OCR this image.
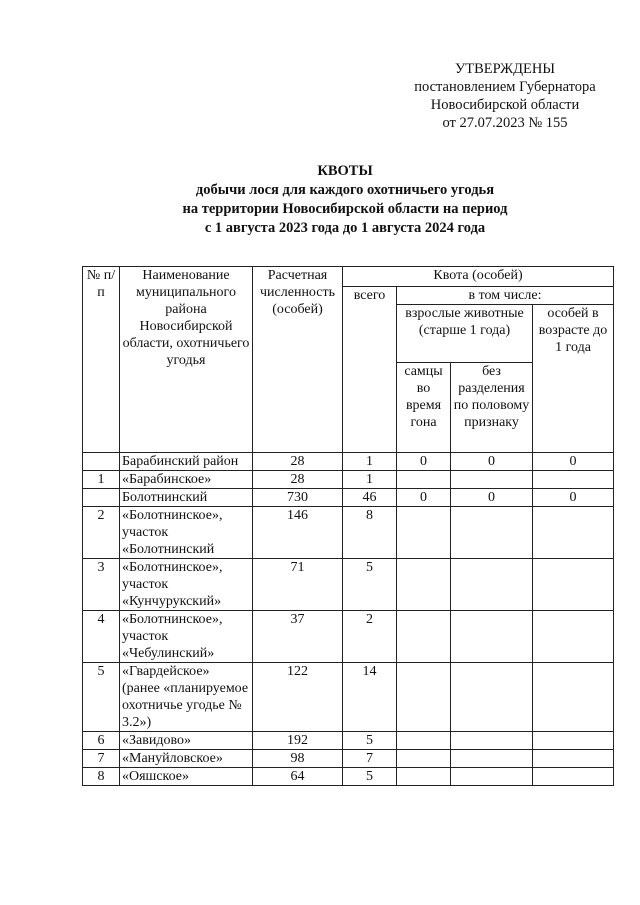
УТВЕРЖДЕНЫ
постановлением Губернатора
Новосибирской области
от 27.07.2023 № 155
КВОТЫ
добычи лося для каждого охотничьего угодья
на территории Новосибирской области на период
с 1 августа 2023 года до 1 августа 2024 года
№ п/п	Наименование муниципального района Новосибирской области, охотничьего угодья	Расчетная численность (особей)	Квота (особей)			
			всего	в том числе:		
				взрослые животные (старше 1 года)		особей в возрасте до 1 года
				самцы во время гона	без разделения по половому признаку	
	Барабинский район	28	1	0	0	0
1	«Барабинское»	28	1			
	Болотнинский	730	46	0	0	0
2	«Болотнинское», участок «Болотнинский	146	8			
3	«Болотнинское», участок «Кунчурукский»	71	5			
4	«Болотнинское», участок «Чебулинский»	37	2			
5	«Гвардейское» (ранее «планируемое охотничье угодье № 3.2»)	122	14			
6	«Завидово»	192	5			
7	«Мануйловское»	98	7			
8	«Ояшское»	64	5			
